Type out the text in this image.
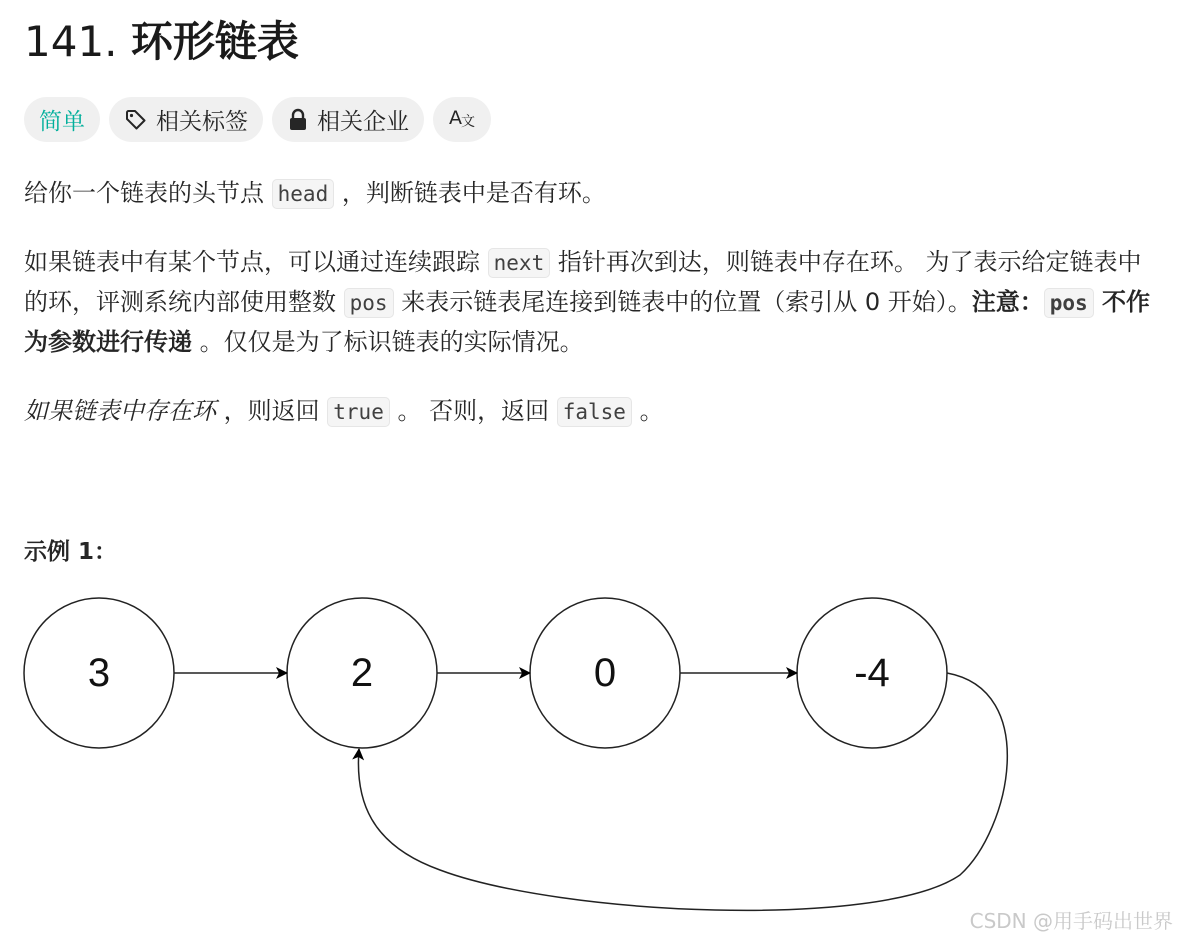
141. 环形链表
简单	相关标签	相关企业 A 文
给你一个链表的头节点 head ，判断链表中是否有环。
如果链表中有某个节点，可以通过连续跟踪 next 指针再次到达，则链表中存在环。 为了表示给定链表中的环，评测系统内部使用整数 pos 来表示链表尾连接到链表中的位置（索引从 0 开始）。注意： pos 不作为参数进行传递 。仅仅是为了标识链表的实际情况。
如果链表中存在环 ，则返回 true 。 否则，返回 false 。
示例 1：
3	2	0	-4
CSDN @用手码出世界
